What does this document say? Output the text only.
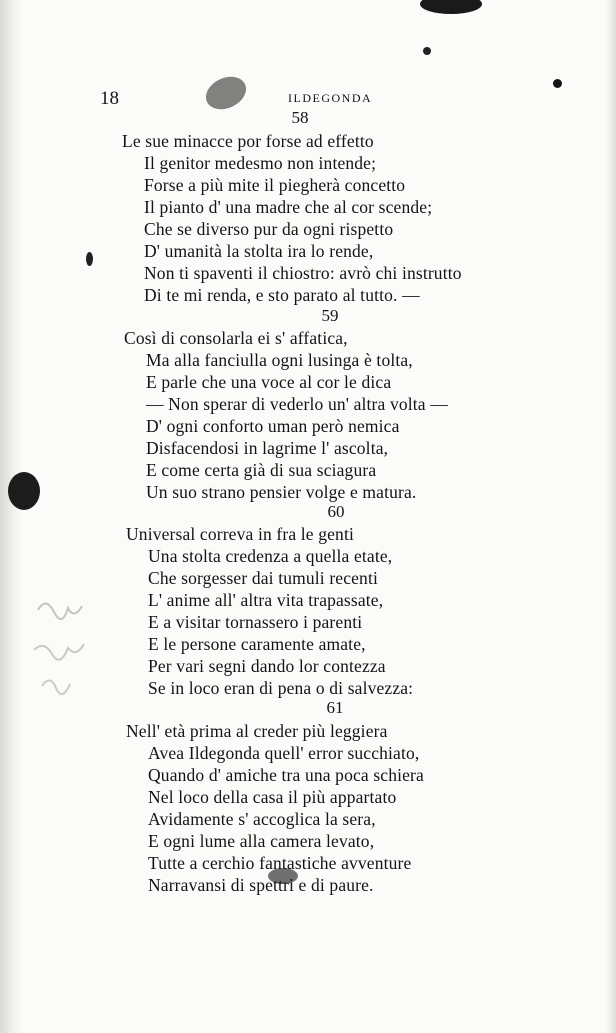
18	ILDEGONDA
58
Le sue minacce por forse ad effetto
Il genitor medesmo non intende;
Forse a più mite il piegherà concetto
Il pianto d' una madre che al cor scende;
Che se diverso pur da ogni rispetto
D' umanità la stolta ira lo rende,
Non ti spaventi il chiostro: avrò chi instrutto
Di te mi renda, e sto parato al tutto. —
59
Così di consolarla ei s' affatica,
Ma alla fanciulla ogni lusinga è tolta,
E parle che una voce al cor le dica
— Non sperar di vederlo un' altra volta —
D' ogni conforto uman però nemica
Disfacendosi in lagrime l' ascolta,
E come certa già di sua sciagura
Un suo strano pensier volge e matura.
60
Universal correva in fra le genti
Una stolta credenza a quella etate,
Che sorgesser dai tumuli recenti
L' anime all' altra vita trapassate,
E a visitar tornassero i parenti
E le persone caramente amate,
Per vari segni dando lor contezza
Se in loco eran di pena o di salvezza:
61
Nell' età prima al creder più leggiera
Avea Ildegonda quell' error succhiato,
Quando d' amiche tra una poca schiera
Nel loco della casa il più appartato
Avidamente s' accoglica la sera,
E ogni lume alla camera levato,
Tutte a cerchio fantastiche avventure
Narravansi di spettri e di paure.
